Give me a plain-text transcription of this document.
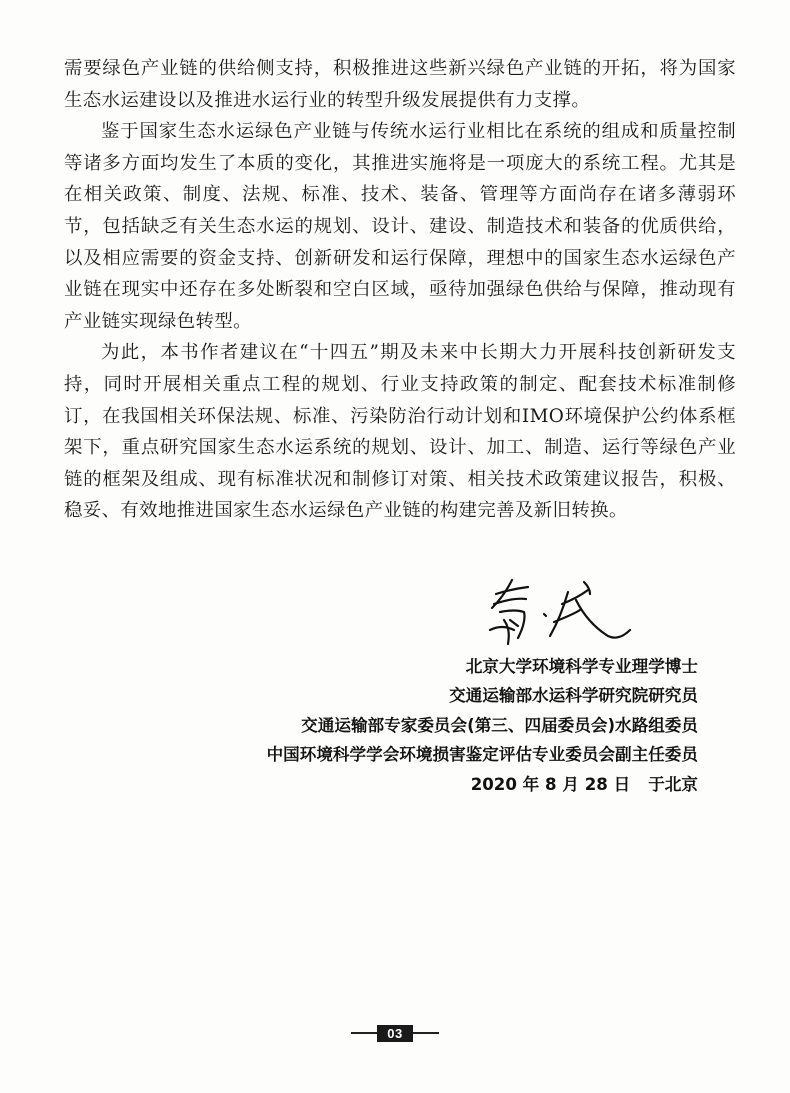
需要绿色产业链的供给侧支持，积极推进这些新兴绿色产业链的开拓，将为国家生态水运建设以及推进水运行业的转型升级发展提供有力支撑。

鉴于国家生态水运绿色产业链与传统水运行业相比在系统的组成和质量控制等诸多方面均发生了本质的变化，其推进实施将是一项庞大的系统工程。尤其是在相关政策、制度、法规、标准、技术、装备、管理等方面尚存在诸多薄弱环节，包括缺乏有关生态水运的规划、设计、建设、制造技术和装备的优质供给，以及相应需要的资金支持、创新研发和运行保障，理想中的国家生态水运绿色产业链在现实中还存在多处断裂和空白区域，亟待加强绿色供给与保障，推动现有产业链实现绿色转型。

为此，本书作者建议在“十四五”期及未来中长期大力开展科技创新研发支持，同时开展相关重点工程的规划、行业支持政策的制定、配套技术标准制修订，在我国相关环保法规、标准、污染防治行动计划和IMO环境保护公约体系框架下，重点研究国家生态水运系统的规划、设计、加工、制造、运行等绿色产业链的框架及组成、现有标准状况和制修订对策、相关技术政策建议报告，积极、稳妥、有效地推进国家生态水运绿色产业链的构建完善及新旧转换。

北京大学环境科学专业理学博士
交通运输部水运科学研究院研究员
交通运输部专家委员会(第三、四届委员会)水路组委员
中国环境科学学会环境损害鉴定评估专业委员会副主任委员
2020 年 8 月 28 日 于北京
03
